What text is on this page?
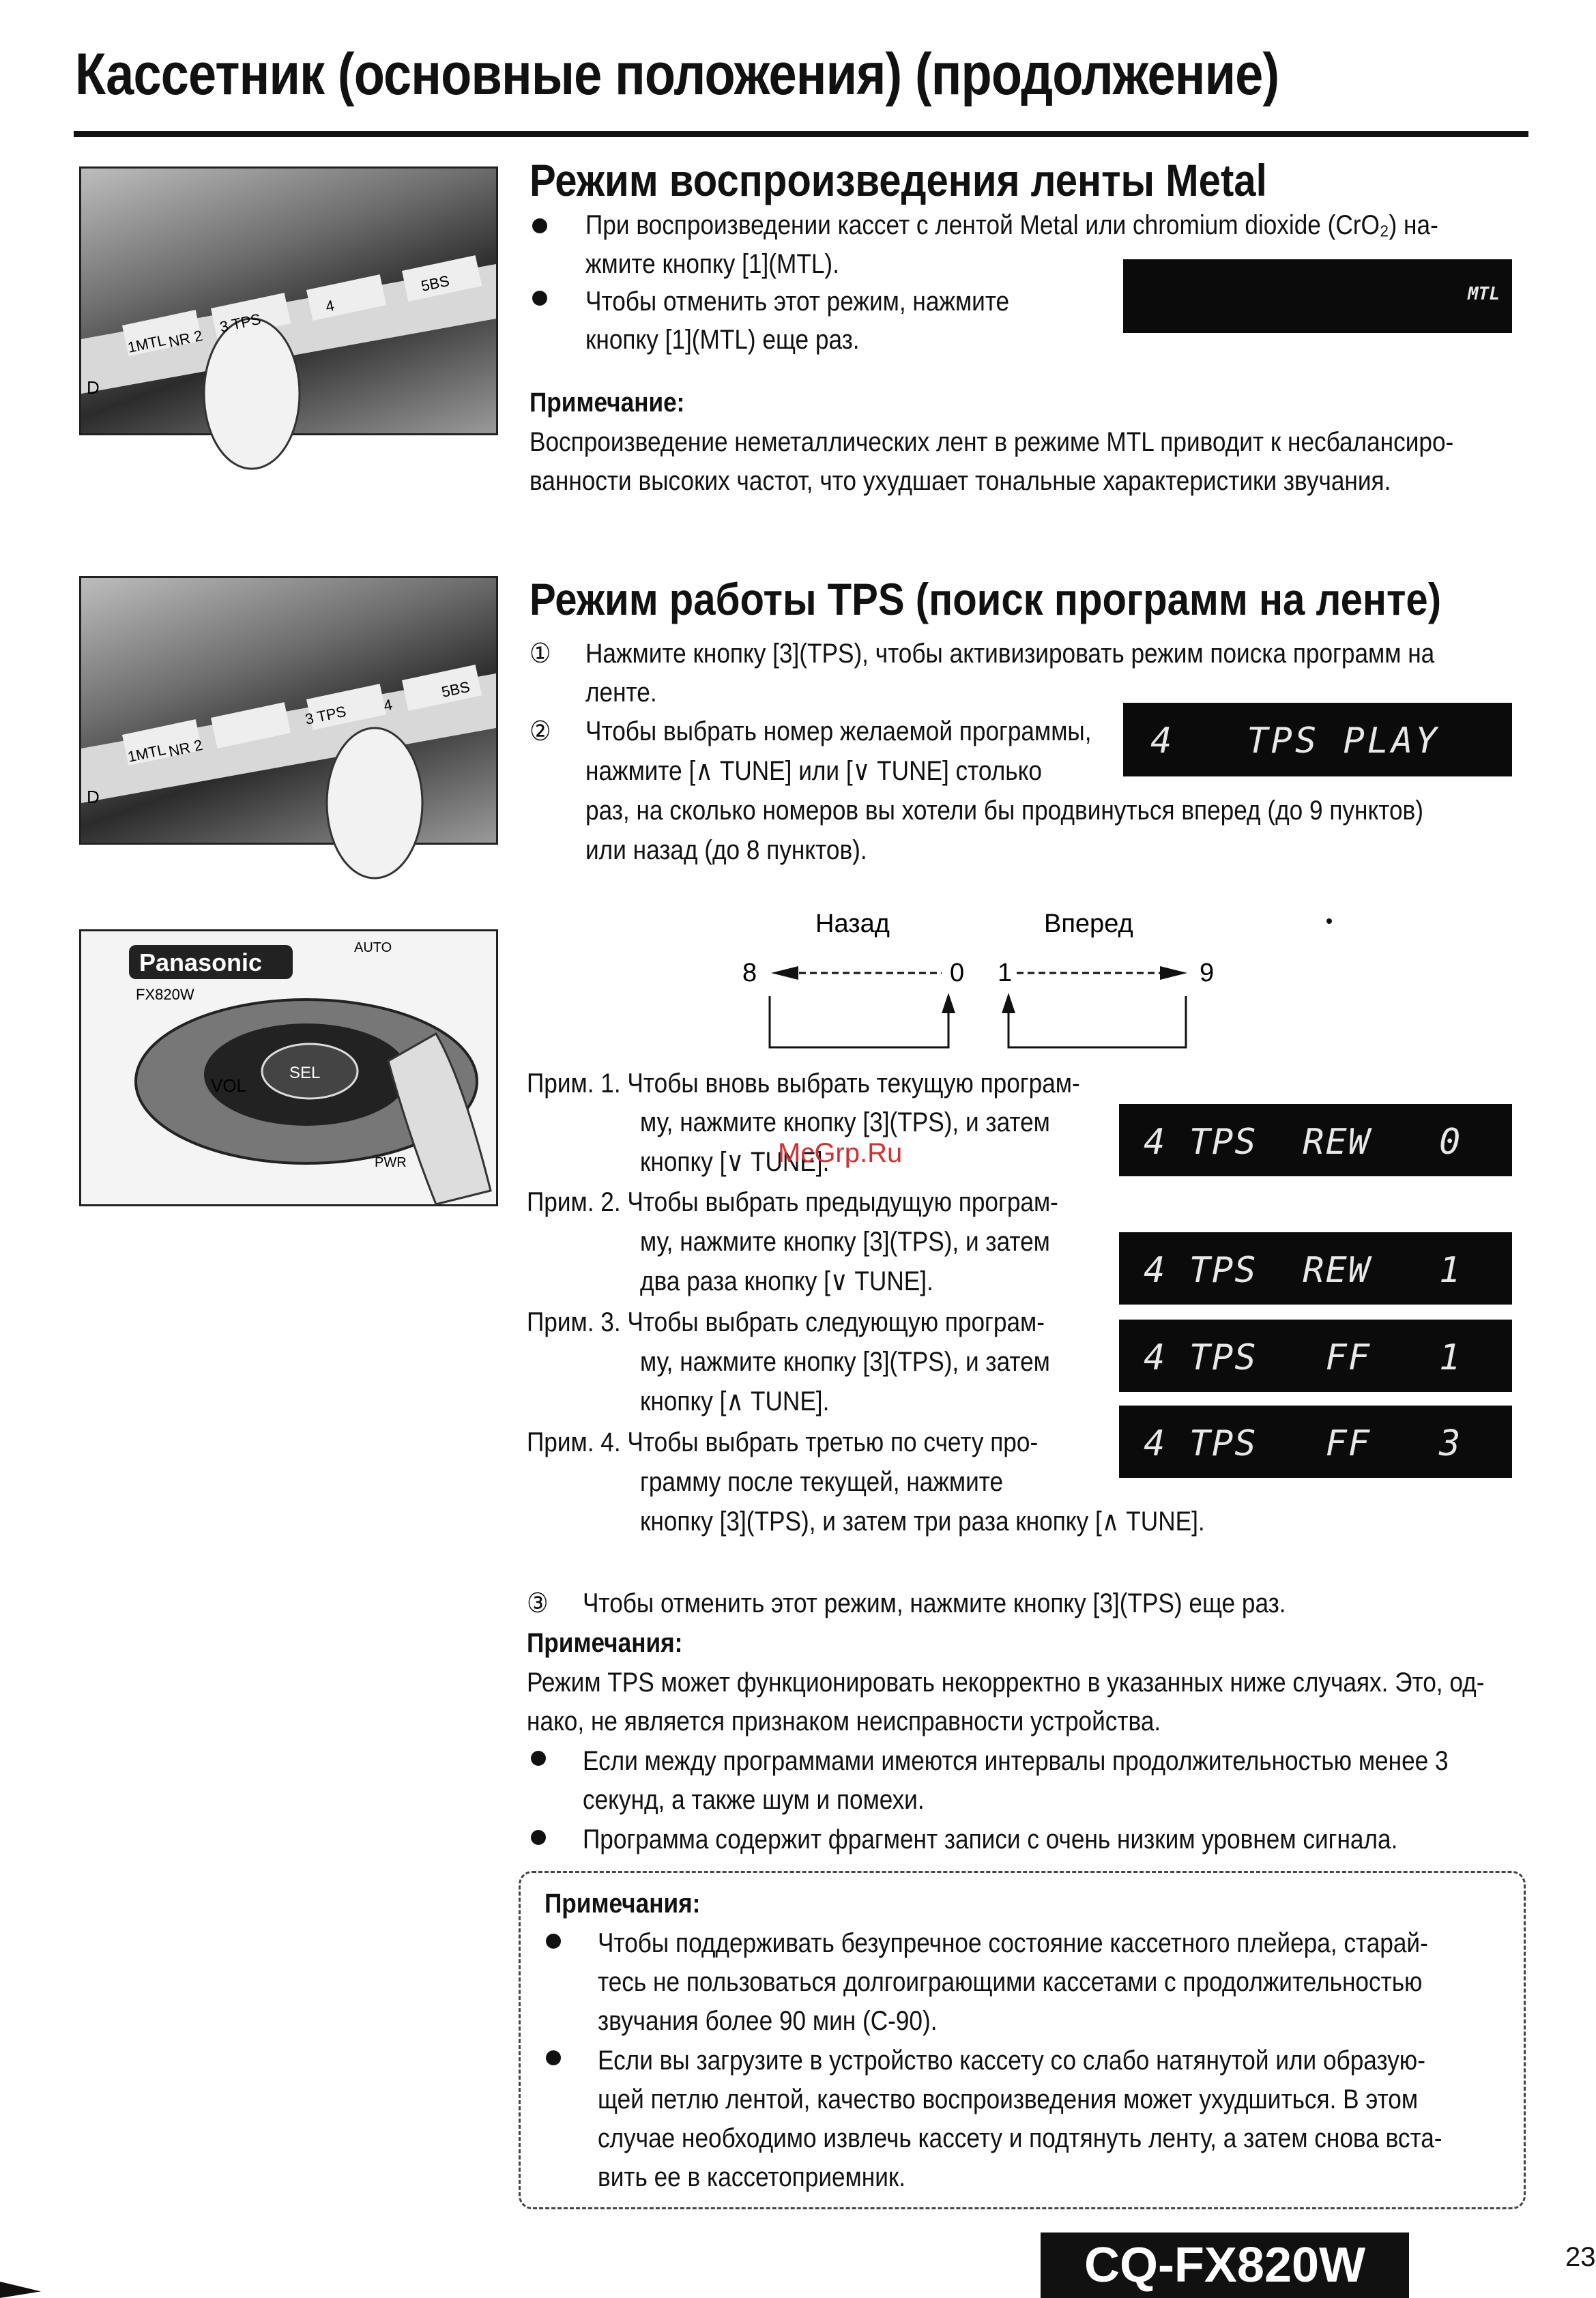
Кассетник (основные положения) (продолжение)
D
1MTL NR 2
3 TPS
4
5BS
D
1MTL NR 2
3 TPS 4
5BS
Panasonic
FX820W
AUTO
SEL
VOL
PWR
Режим воспроизведения ленты Metal
При воспроизведении кассет с лентой Metal или chromium dioxide (CrO₂) на-
жмите кнопку [1](MTL).
Чтобы отменить этот режим, нажмите
кнопку [1](MTL) еще раз.
MTL
Примечание:
Воспроизведение неметаллических лент в режиме MTL приводит к несбалансиро-
ванности высоких частот, что ухудшает тональные характеристики звучания.
Режим работы TPS (поиск программ на ленте)
① Нажмите кнопку [3](TPS), чтобы активизировать режим поиска программ на
ленте.
② Чтобы выбрать номер желаемой программы,
нажмите [∧ TUNE] или [∨ TUNE] столько
раз, на сколько номеров вы хотели бы продвинуться вперед (до 9 пунктов)
или назад (до 8 пунктов).
4   TPS PLAY
Назад	Вперед
8	0 1	9
Прим. 1. Чтобы вновь выбрать текущую програм-
му, нажмите кнопку [3](TPS), и затем
кнопку [∨ TUNE].	4 TPS  REW   0
McGrp.Ru
Прим. 2. Чтобы выбрать предыдущую програм-
му, нажмите кнопку [3](TPS), и затем
два раза кнопку [∨ TUNE].	4 TPS  REW   1
Прим. 3. Чтобы выбрать следующую програм-
му, нажмите кнопку [3](TPS), и затем
кнопку [∧ TUNE].
4 TPS   FF   1
Прим. 4. Чтобы выбрать третью по счету про-
грамму после текущей, нажмите
кнопку [3](TPS), и затем три раза кнопку [∧ TUNE].
4 TPS   FF   3
③ Чтобы отменить этот режим, нажмите кнопку [3](TPS) еще раз.
Примечания:
Режим TPS может функционировать некорректно в указанных ниже случаях. Это, од-
нако, не является признаком неисправности устройства.
Если между программами имеются интервалы продолжительностью менее 3
секунд, а также шум и помехи.
Программа содержит фрагмент записи с очень низким уровнем сигнала.
Примечания:
Чтобы поддерживать безупречное состояние кассетного плейера, старай-
тесь не пользоваться долгоиграющими кассетами с продолжительностью
звучания более 90 мин (C-90).
Если вы загрузите в устройство кассету со слабо натянутой или образую-
щей петлю лентой, качество воспроизведения может ухудшиться. В этом
случае необходимо извлечь кассету и подтянуть ленту, а затем снова вста-
вить ее в кассетоприемник.
CQ-FX820W	23
